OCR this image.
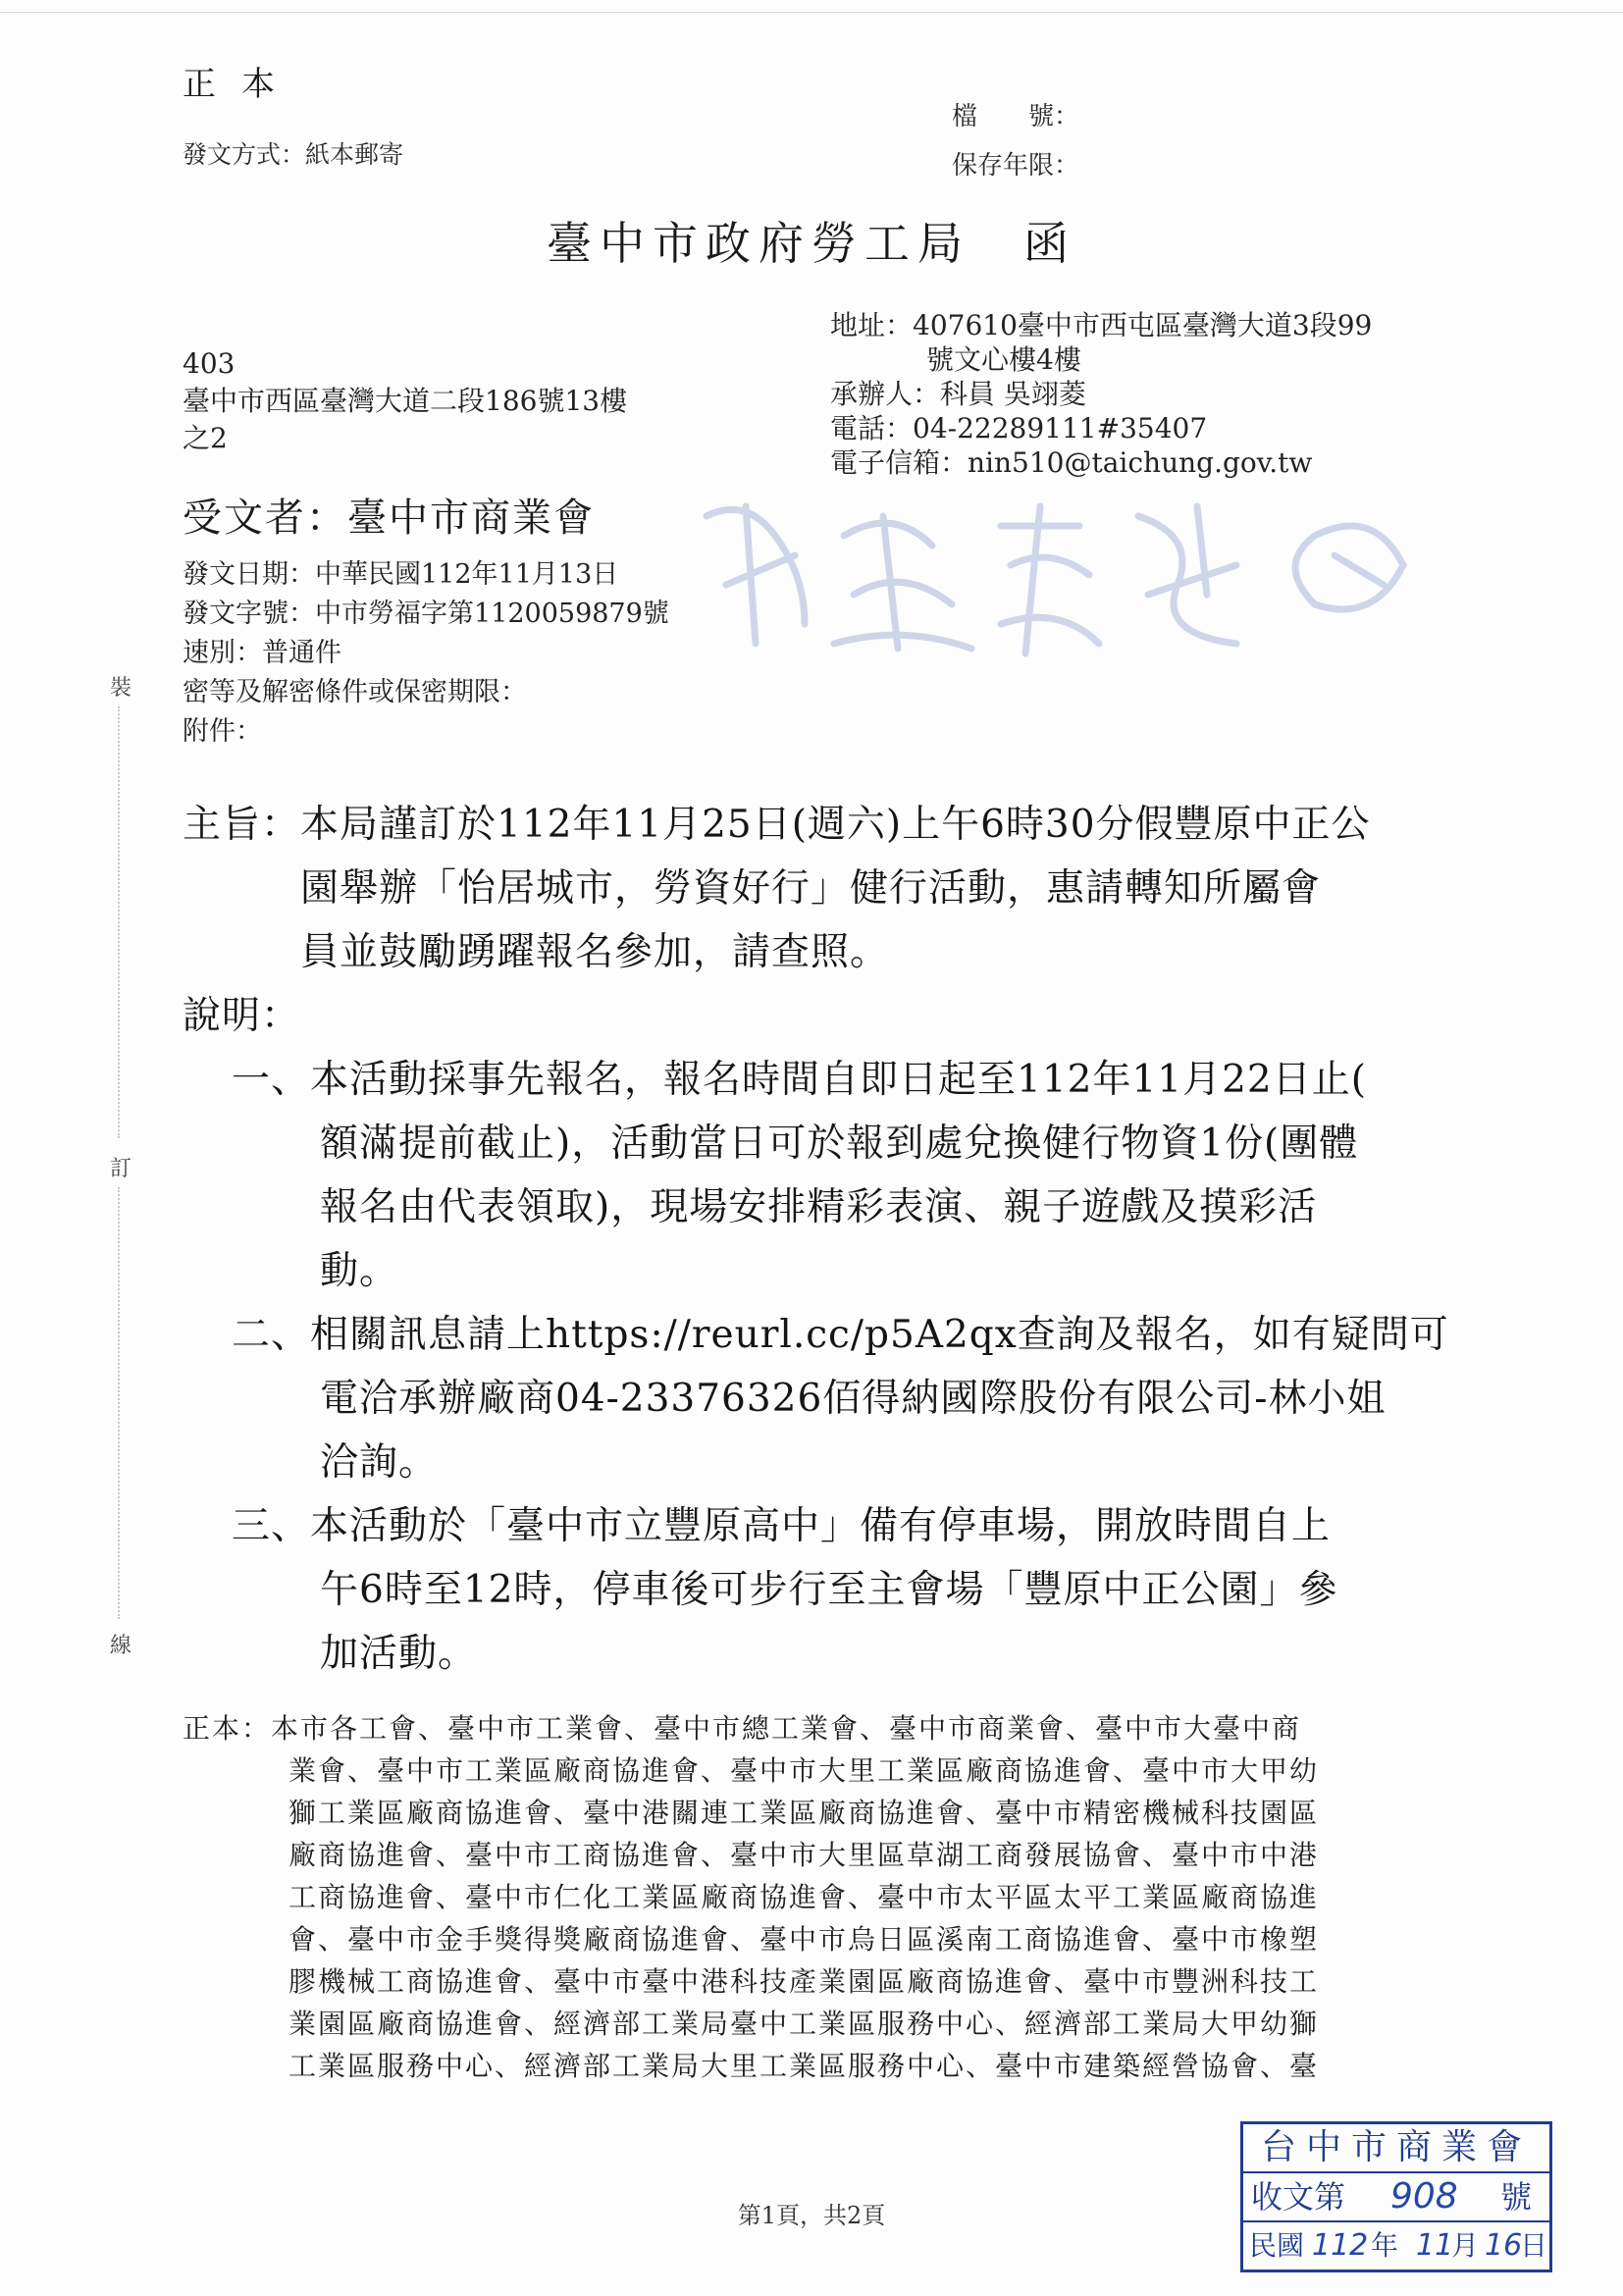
正本
檔　　號：
保存年限：
發文方式：紙本郵寄
臺中市政府勞工局　函
地址：407610臺中市西屯區臺灣大道3段99
號文心樓4樓
承辦人：科員 吳翊菱
電話：04-22289111#35407
電子信箱：nin510@taichung.gov.tw
403
臺中市西區臺灣大道二段186號13樓
之2
受文者：臺中市商業會
發文日期：中華民國112年11月13日
發文字號：中市勞福字第1120059879號
速別：普通件
密等及解密條件或保密期限：
附件：
裝
訂
線
主旨：本局謹訂於112年11月25日(週六)上午6時30分假豐原中正公
園舉辦「怡居城市，勞資好行」健行活動，惠請轉知所屬會
員並鼓勵踴躍報名參加，請查照。
說明：
一、本活動採事先報名，報名時間自即日起至112年11月22日止(
額滿提前截止)，活動當日可於報到處兌換健行物資1份(團體
報名由代表領取)，現場安排精彩表演、親子遊戲及摸彩活
動。
二、相關訊息請上https://reurl.cc/p5A2qx查詢及報名，如有疑問可
電洽承辦廠商04-23376326佰得納國際股份有限公司-林小姐
洽詢。
三、本活動於「臺中市立豐原高中」備有停車場，開放時間自上
午6時至12時，停車後可步行至主會場「豐原中正公園」參
加活動。
正本：本市各工會、臺中市工業會、臺中市總工業會、臺中市商業會、臺中市大臺中商
業會、臺中市工業區廠商協進會、臺中市大里工業區廠商協進會、臺中市大甲幼
獅工業區廠商協進會、臺中港關連工業區廠商協進會、臺中市精密機械科技園區
廠商協進會、臺中市工商協進會、臺中市大里區草湖工商發展協會、臺中市中港
工商協進會、臺中市仁化工業區廠商協進會、臺中市太平區太平工業區廠商協進
會、臺中市金手獎得獎廠商協進會、臺中市烏日區溪南工商協進會、臺中市橡塑
膠機械工商協進會、臺中市臺中港科技產業園區廠商協進會、臺中市豐洲科技工
業園區廠商協進會、經濟部工業局臺中工業區服務中心、經濟部工業局大甲幼獅
工業區服務中心、經濟部工業局大里工業區服務中心、臺中市建築經營協會、臺
第1頁，共2頁
台中市商業會
收文第 908 號
民國 112 年 11
月 16
日
